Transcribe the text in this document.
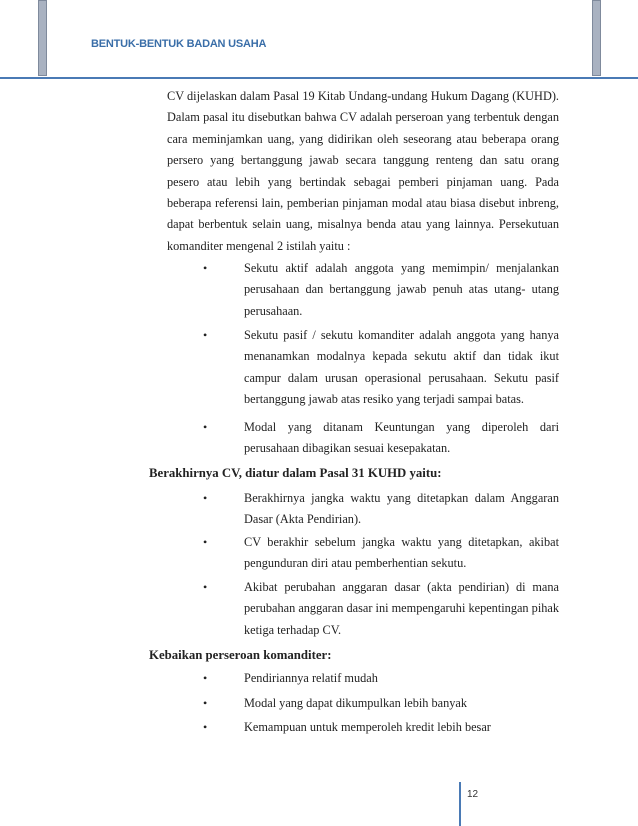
BENTUK-BENTUK BADAN USAHA
CV dijelaskan dalam Pasal 19 Kitab Undang-undang Hukum Dagang (KUHD). Dalam pasal itu disebutkan bahwa CV adalah perseroan yang terbentuk dengan cara meminjamkan uang, yang didirikan oleh seseorang atau beberapa orang persero yang bertanggung jawab secara tanggung renteng dan satu orang pesero atau lebih yang bertindak sebagai pemberi pinjaman uang. Pada beberapa referensi lain, pemberian pinjaman modal atau biasa disebut inbreng, dapat berbentuk selain uang, misalnya benda atau yang lainnya. Persekutuan komanditer mengenal 2 istilah yaitu :
•	Sekutu aktif adalah anggota yang memimpin/ menjalankan perusahaan dan bertanggung jawab penuh atas utang- utang perusahaan.
•	Sekutu pasif / sekutu komanditer adalah anggota yang hanya menanamkan modalnya kepada sekutu aktif dan tidak ikut campur dalam urusan operasional perusahaan. Sekutu pasif bertanggung jawab atas resiko yang terjadi sampai batas.
•	Modal yang ditanam Keuntungan yang diperoleh dari perusahaan dibagikan sesuai kesepakatan.
Berakhirnya CV, diatur dalam Pasal 31 KUHD yaitu:
•	Berakhirnya jangka waktu yang ditetapkan dalam Anggaran Dasar (Akta Pendirian).
•	CV berakhir sebelum jangka waktu yang ditetapkan, akibat pengunduran diri atau pemberhentian sekutu.
•	Akibat perubahan anggaran dasar (akta pendirian) di mana perubahan anggaran dasar ini mempengaruhi kepentingan pihak ketiga terhadap CV.
Kebaikan perseroan komanditer:
•	Pendiriannya relatif mudah
•	Modal yang dapat dikumpulkan lebih banyak
•	Kemampuan untuk memperoleh kredit lebih besar
12
